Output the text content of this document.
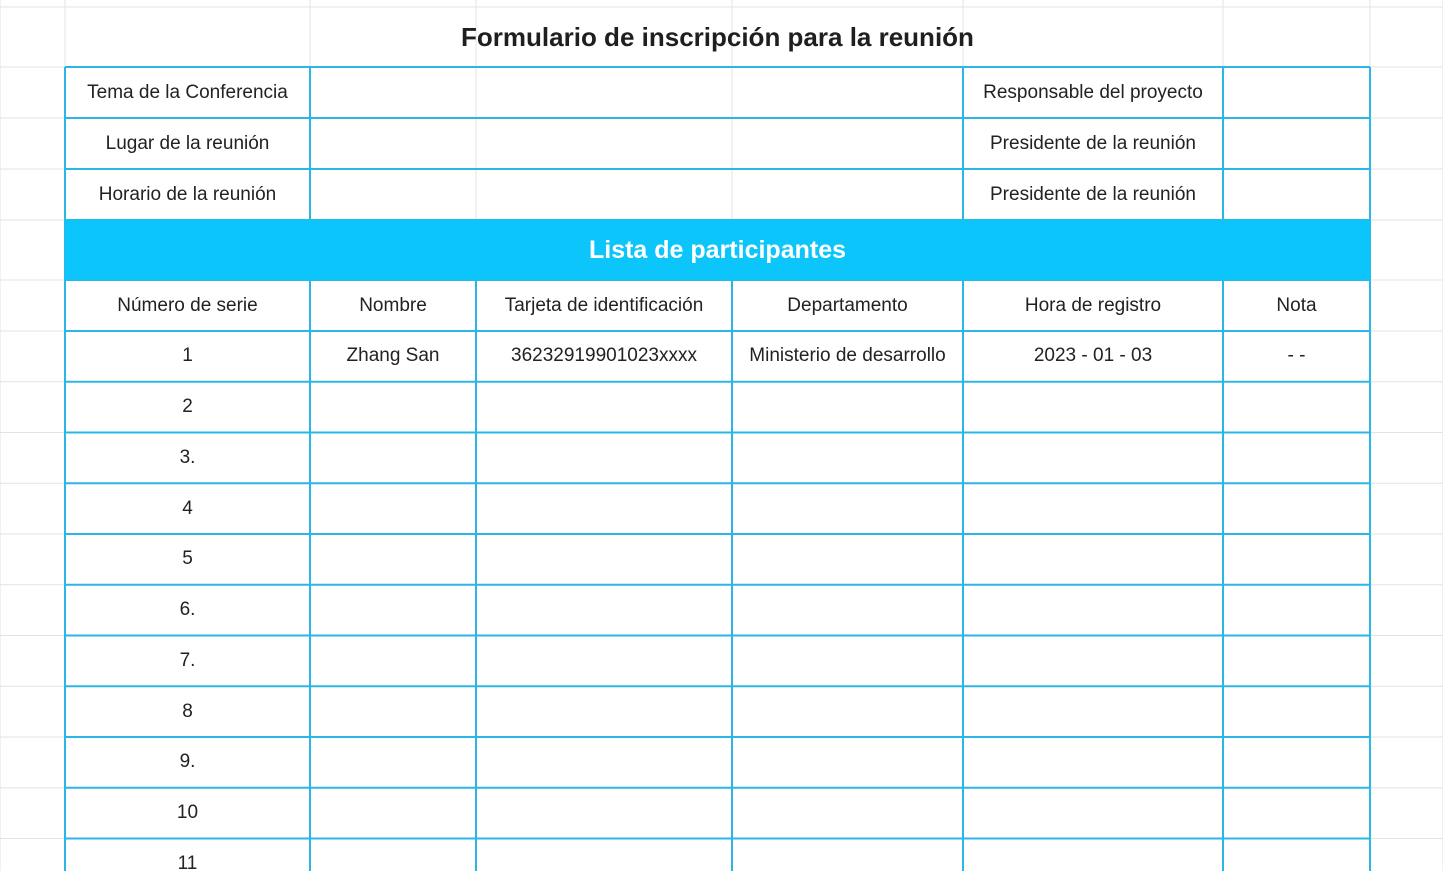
Formulario de inscripción para la reunión
Tema de la Conferencia	Responsable del proyecto
Lugar de la reunión	Presidente de la reunión
Horario de la reunión	Presidente de la reunión
Lista de participantes
Número de serie	Nombre	Tarjeta de identificación	Departamento	Hora de registro	Nota
1	Zhang San	36232919901023xxxx	Ministerio de desarrollo	2023 - 01 - 03	- -
2
3.
4
5
6.
7.
8
9.
10
11
